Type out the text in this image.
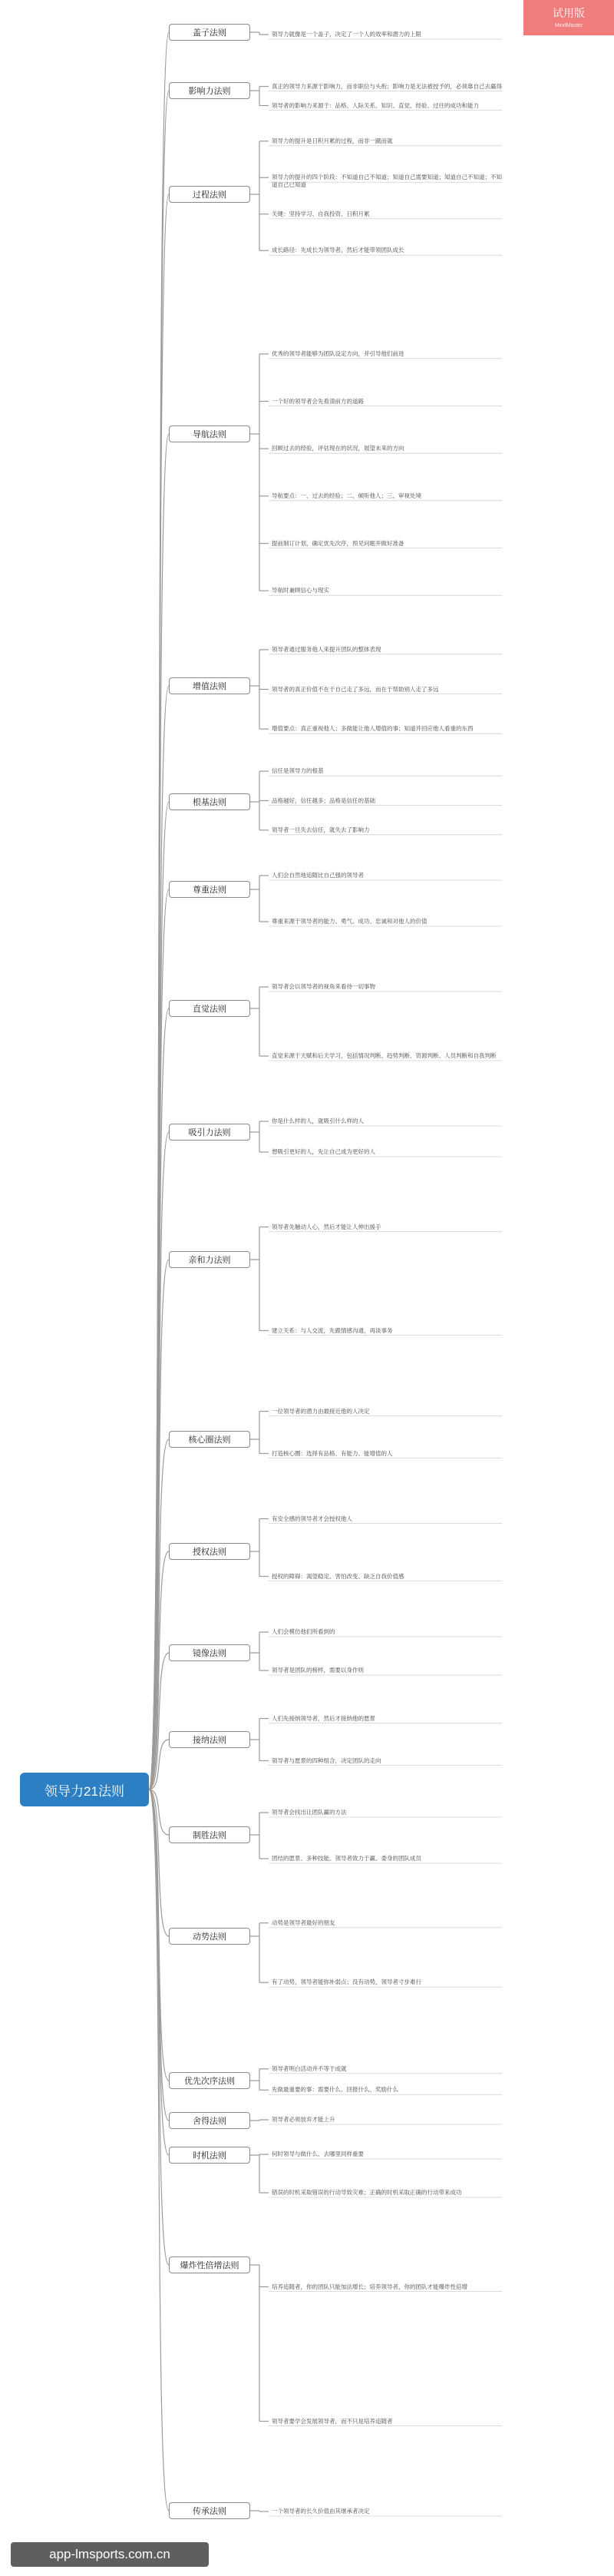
试用版
MindMaster
领导力21法则
盖子法则	领导力就像是一个盖子，决定了一个人的效率和潜力的上限
影响力法则
真正的领导力来源于影响力，而非职位与头衔；影响力是无法被授予的，必须靠自己去赢得
领导者的影响力来源于：品格、人际关系、知识、直觉、经验、过往的成功和能力
过程法则
领导力的提升是日积月累的过程，而非一蹴而就
领导力的提升的四个阶段：不知道自己不知道；知道自己需要知道；知道自己不知道；不知道自己已知道
关键：坚持学习、自我投资、日积月累
成长路径：先成长为领导者，然后才能带领团队成长
导航法则
优秀的领导者能够为团队设定方向，并引导他们前进
一个好的领导者会先看清前方的道路
回顾过去的经验，评估现在的状况，展望未来的方向
导航要点：一、过去的经验；二、倾听他人；三、审视处境
提前制订计划，确定优先次序，预见问题并做好准备
导航时兼顾信心与现实
增值法则
领导者通过服务他人来提升团队的整体表现
领导者的真正价值不在于自己走了多远，而在于帮助别人走了多远
增值要点：真正重视他人；多做能让他人增值的事；知道并回应他人看重的东西
根基法则
信任是领导力的根基
品格越好，信任越多；品格是信任的基础
领导者一旦失去信任，就失去了影响力
尊重法则
人们会自然地追随比自己强的领导者
尊重来源于领导者的能力、勇气、成功、忠诚和对他人的价值
直觉法则
领导者会以领导者的视角来看待一切事物
直觉来源于天赋和后天学习，包括情况判断、趋势判断、资源判断、人员判断和自我判断
吸引力法则
你是什么样的人，就吸引什么样的人
想吸引更好的人，先让自己成为更好的人
亲和力法则
领导者先触动人心，然后才能让人伸出援手
建立关系：与人交流，先跟情感沟通，再谈事务
核心圈法则
一位领导者的潜力由最接近他的人决定
打造核心圈：选择有品格、有能力、能增值的人
授权法则
有安全感的领导者才会授权他人
授权的障碍：渴望稳定、害怕改变、缺乏自我价值感
镜像法则
人们会模仿他们所看到的
领导者是团队的榜样，需要以身作则
接纳法则
人们先接纳领导者，然后才接纳他的愿景
领导者与愿景的四种组合，决定团队的走向
制胜法则
领导者会找出让团队赢的方法
团结的愿景、多种技能、领导者致力于赢、委身的团队成员
动势法则
动势是领导者最好的朋友
有了动势，领导者能弥补弱点；没有动势，领导者寸步难行
优先次序法则
领导者明白活动并不等于成就
先做最重要的事：需要什么、回报什么、奖励什么
舍得法则	领导者必须放弃才能上升
时机法则	何时领导与做什么、去哪里同样重要
错误的时机采取错误的行动导致灾难；正确的时机采取正确的行动带来成功
爆炸性倍增法则
培养追随者，你的团队只能加法增长；培养领导者，你的团队才能爆炸性倍增
领导者要学会发展领导者，而不只是培养追随者
传承法则	一个领导者的长久价值由其继承者决定
app-lmsports.com.cn
